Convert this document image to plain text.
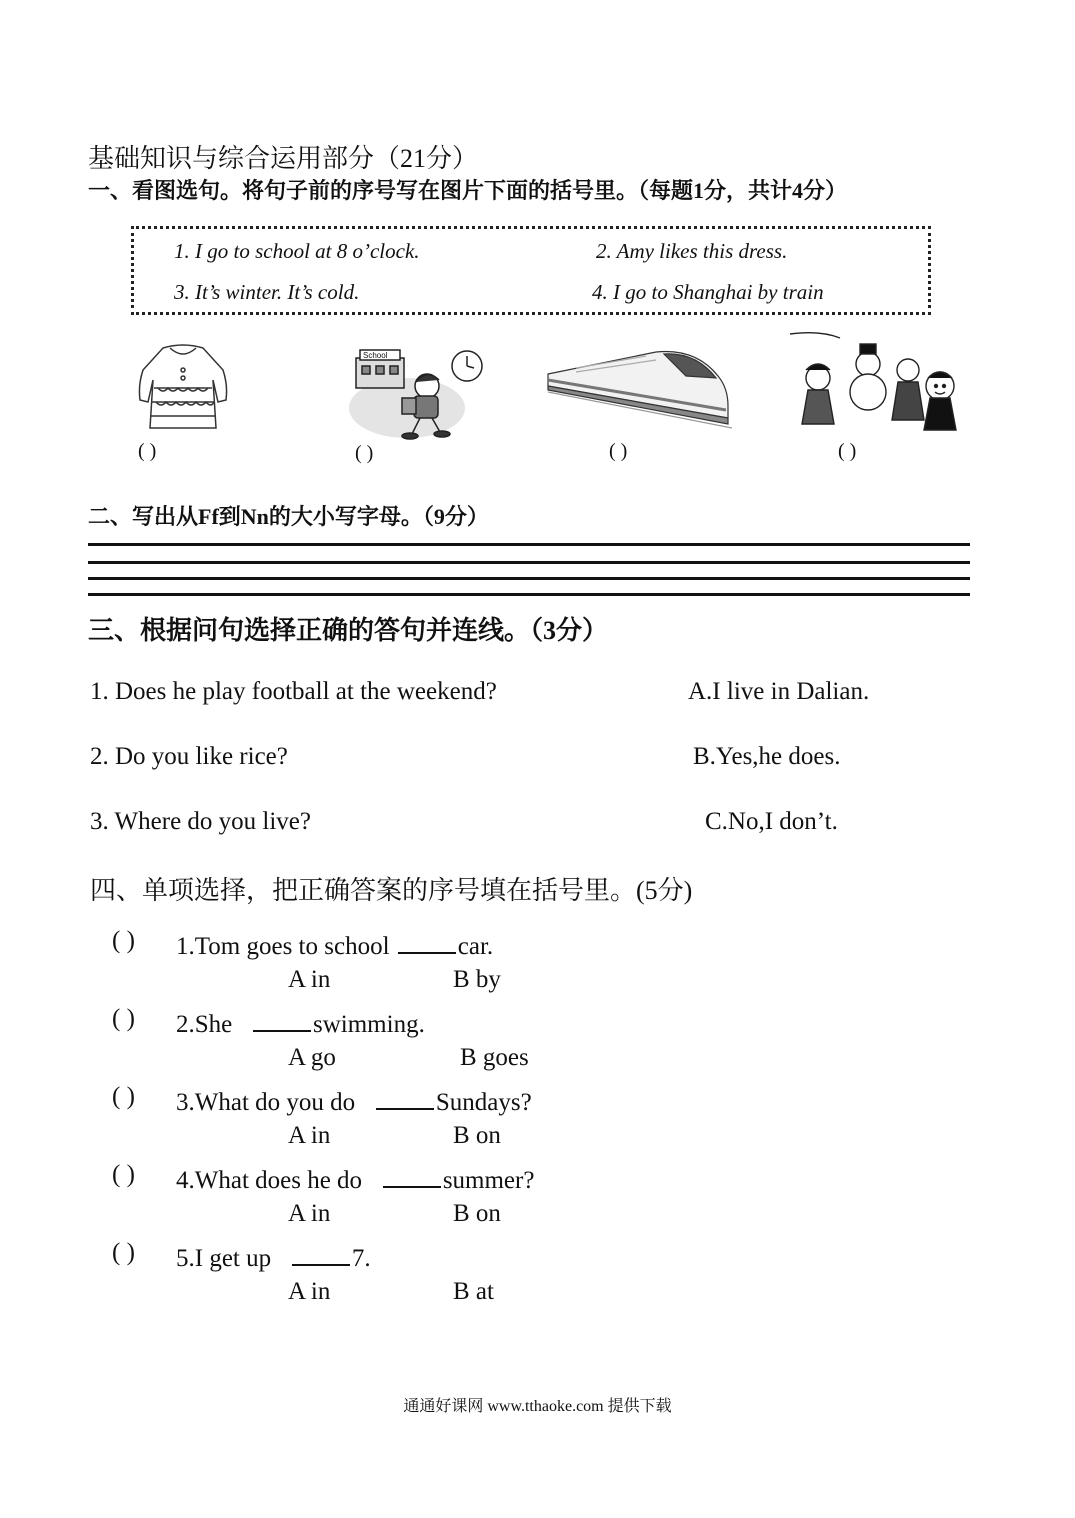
基础知识与综合运用部分（21分）
一、看图选句。将句子前的序号写在图片下面的括号里。（每题1分，共计4分）
1. I go to school at 8 o’clock.	2. Amy likes this dress.
3. It’s winter. It’s cold.	4. I go to Shanghai by train
School
( )	( )	( )	( )
二、写出从Ff到Nn的大小写字母。（9分）
三、根据问句选择正确的答句并连线。（3分）
1. Does he play football at the weekend?
2. Do you like rice?
3. Where do you live?
A.I live in Dalian.
B.Yes,he does.
C.No,I don’t.
四、单项选择，把正确答案的序号填在括号里。(5分)
( ) 1.Tom goes to school	car.
A in	B by
( ) 2.She	swimming.
A go	B goes
( ) 3.What do you do	Sundays?
A in	B on
( ) 4.What does he do	summer?
A in	B on
( ) 5.I get up	7.
A in	B at
通通好课网 www.tthaoke.com 提供下载
